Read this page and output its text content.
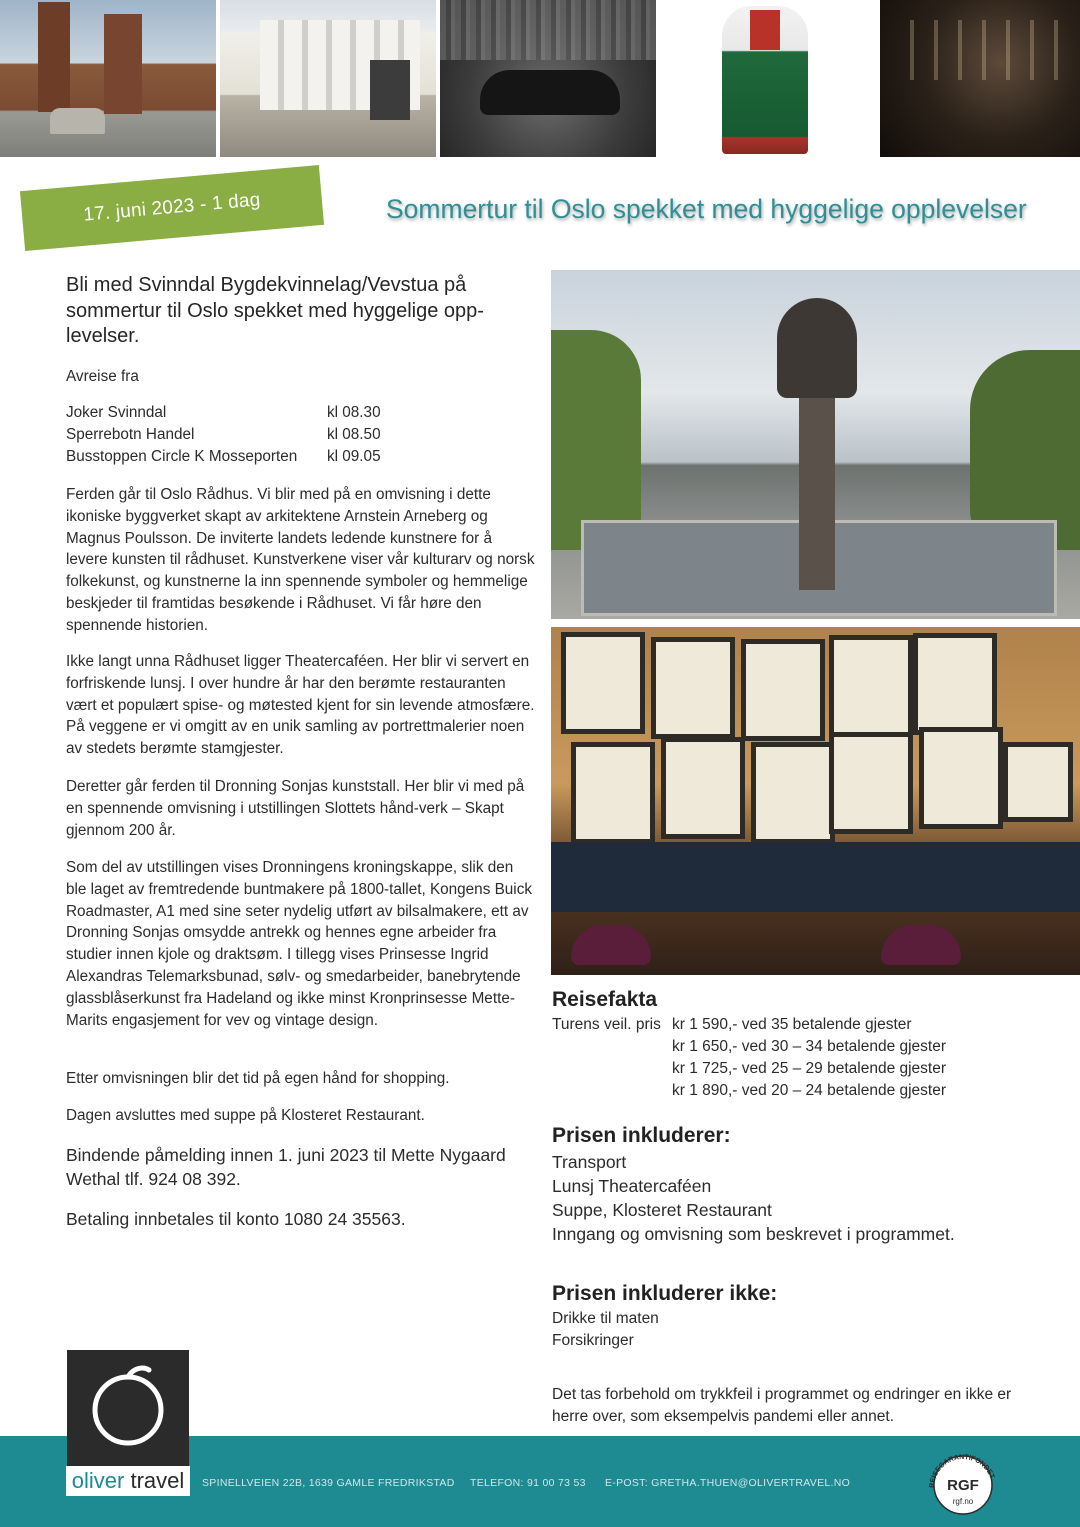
17. juni 2023 - 1 dag	Sommertur til Oslo spekket med hyggelige opplevelser
Bli med Svinndal Bygdekvinnelag/Vevstua på sommertur til Oslo spekket med hyggelige opp-levelser.
Avreise fra
Joker Svinndal	kl 08.30
Sperrebotn Handel	kl 08.50
Busstoppen Circle K Mosseporten	kl 09.05
Ferden går til Oslo Rådhus. Vi blir med på en omvisning i dette ikoniske byggverket skapt av arkitektene Arnstein Arneberg og Magnus Poulsson. De inviterte landets ledende kunstnere for å levere kunsten til rådhuset. Kunstverkene viser vår kulturarv og norsk folkekunst, og kunstnerne la inn spennende symboler og hemmelige beskjeder til framtidas besøkende i Rådhuset. Vi får høre den spennende historien.
Ikke langt unna Rådhuset ligger Theatercaféen. Her blir vi servert en forfriskende lunsj. I over hundre år har den berømte restauranten vært et populært spise- og møtested kjent for sin levende atmosfære. På veggene er vi omgitt av en unik samling av portrettmalerier noen av stedets berømte stamgjester.
Deretter går ferden til Dronning Sonjas kunststall. Her blir vi med på en spennende omvisning i utstillingen Slottets hånd-verk – Skapt gjennom 200 år.
Som del av utstillingen vises Dronningens kroningskappe, slik den ble laget av fremtredende buntmakere på 1800-tallet, Kongens Buick Roadmaster, A1 med sine seter nydelig utført av bilsalmakere, ett av Dronning Sonjas omsydde antrekk og hennes egne arbeider fra studier innen kjole og draktsøm. I tillegg vises Prinsesse Ingrid Alexandras Telemarksbunad, sølv- og smedarbeider, banebrytende glassblåserkunst fra Hadeland og ikke minst Kronprinsesse Mette-Marits engasjement for vev og vintage design.
Etter omvisningen blir det tid på egen hånd for shopping.
Dagen avsluttes med suppe på Klosteret Restaurant.
Bindende påmelding innen 1. juni 2023 til Mette Nygaard Wethal tlf. 924 08 392.
Betaling innbetales til konto 1080 24 35563.
Reisefakta
Turens veil. pris kr 1 590,- ved 35 betalende gjester
kr 1 650,- ved 30 – 34 betalende gjester
kr 1 725,- ved 25 – 29 betalende gjester
kr 1 890,- ved 20 – 24 betalende gjester
Prisen inkluderer:
Transport
Lunsj Theatercaféen
Suppe, Klosteret Restaurant
Inngang og omvisning som beskrevet i programmet.
Prisen inkluderer ikke:
Drikke til maten
Forsikringer
Det tas forbehold om trykkfeil i programmet og endringer en ikke er herre over, som eksempelvis pandemi eller annet.
oliver travel	SPINELLVEIEN 22B, 1639 GAMLE FREDRIKSTAD TELEFON: 91 00 73 53 E-POST: GRETHA.THUEN@OLIVERTRAVEL.NO	REISEGARANTIFONDET
RGF
rgf.no
